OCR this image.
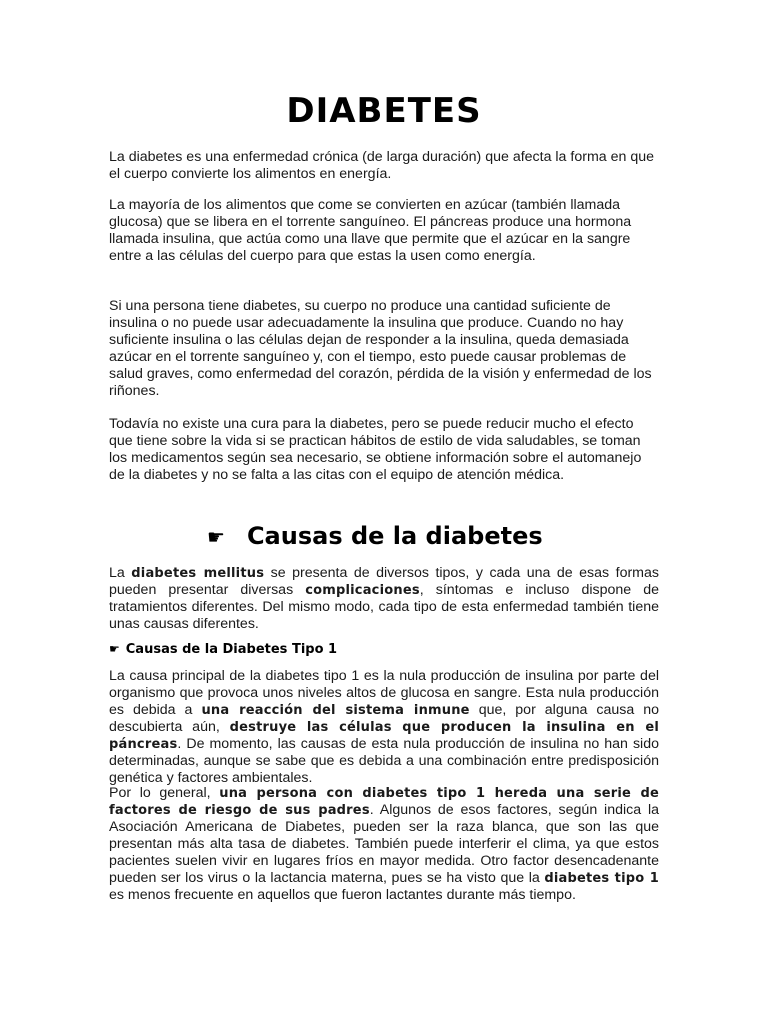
DIABETES

La diabetes es una enfermedad crónica (de larga duración) que afecta la forma en que el cuerpo convierte los alimentos en energía.

La mayoría de los alimentos que come se convierten en azúcar (también llamada glucosa) que se libera en el torrente sanguíneo. El páncreas produce una hormona llamada insulina, que actúa como una llave que permite que el azúcar en la sangre entre a las células del cuerpo para que estas la usen como energía.

Si una persona tiene diabetes, su cuerpo no produce una cantidad suficiente de insulina o no puede usar adecuadamente la insulina que produce. Cuando no hay suficiente insulina o las células dejan de responder a la insulina, queda demasiada azúcar en el torrente sanguíneo y, con el tiempo, esto puede causar problemas de salud graves, como enfermedad del corazón, pérdida de la visión y enfermedad de los riñones.

Todavía no existe una cura para la diabetes, pero se puede reducir mucho el efecto que tiene sobre la vida si se practican hábitos de estilo de vida saludables, se toman los medicamentos según sea necesario, se obtiene información sobre el automanejo de la diabetes y no se falta a las citas con el equipo de atención médica.

☛ Causas de la diabetes

La diabetes mellitus se presenta de diversos tipos, y cada una de esas formas pueden presentar diversas complicaciones, síntomas e incluso dispone de tratamientos diferentes. Del mismo modo, cada tipo de esta enfermedad también tiene unas causas diferentes.

☛ Causas de la Diabetes Tipo 1

La causa principal de la diabetes tipo 1 es la nula producción de insulina por parte del organismo que provoca unos niveles altos de glucosa en sangre. Esta nula producción es debida a una reacción del sistema inmune que, por alguna causa no descubierta aún, destruye las células que producen la insulina en el páncreas. De momento, las causas de esta nula producción de insulina no han sido determinadas, aunque se sabe que es debida a una combinación entre predisposición genética y factores ambientales.

Por lo general, una persona con diabetes tipo 1 hereda una serie de factores de riesgo de sus padres. Algunos de esos factores, según indica la Asociación Americana de Diabetes, pueden ser la raza blanca, que son las que presentan más alta tasa de diabetes. También puede interferir el clima, ya que estos pacientes suelen vivir en lugares fríos en mayor medida. Otro factor desencadenante pueden ser los virus o la lactancia materna, pues se ha visto que la diabetes tipo 1 es menos frecuente en aquellos que fueron lactantes durante más tiempo.
